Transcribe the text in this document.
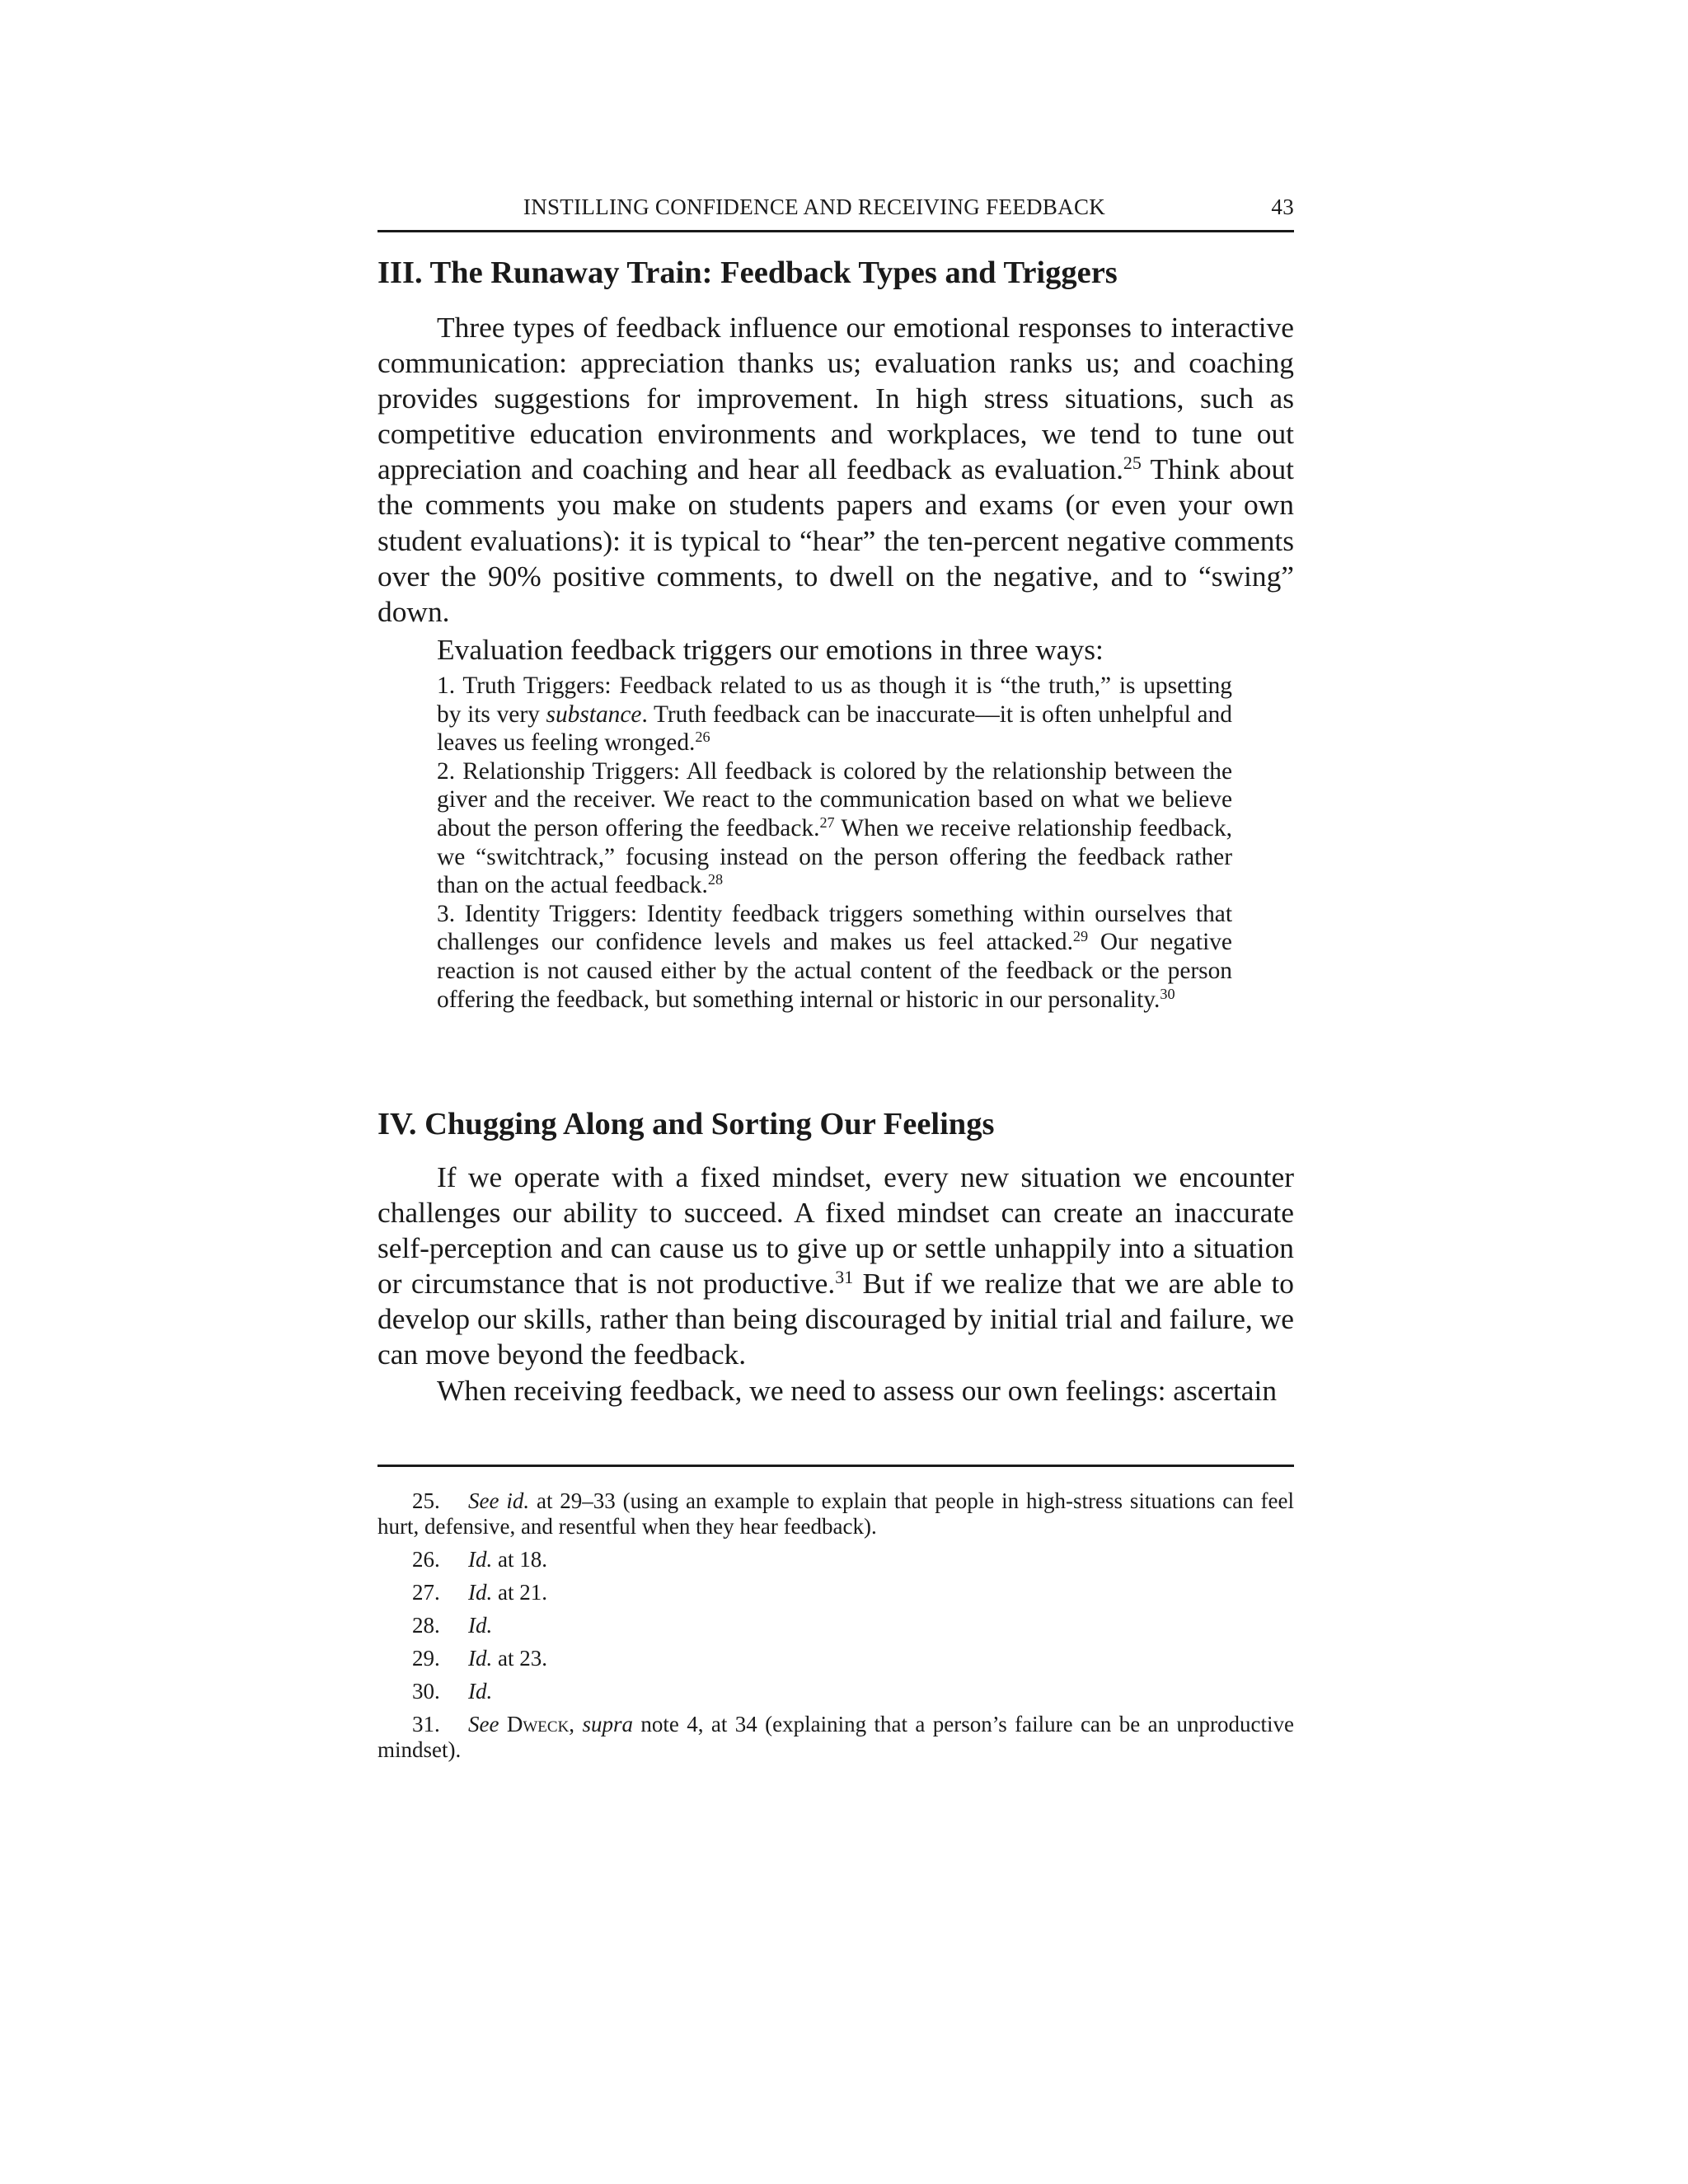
INSTILLING CONFIDENCE AND RECEIVING FEEDBACK	43
III. The Runaway Train: Feedback Types and Triggers

Three types of feedback influence our emotional responses to interactive communication: appreciation thanks us; evaluation ranks us; and coaching provides suggestions for improvement. In high stress situations, such as competitive education environments and workplaces, we tend to tune out appreciation and coaching and hear all feedback as evaluation.$^{25}$ Think about the comments you make on students papers and exams (or even your own student evaluations): it is typical to “hear” the ten-percent negative comments over the 90% positive comments, to dwell on the negative, and to “swing” down.

Evaluation feedback triggers our emotions in three ways:

1. Truth Triggers: Feedback related to us as though it is “the truth,” is upsetting by its very substance. Truth feedback can be inaccurate—it is often unhelpful and leaves us feeling wronged.$^{26}$
2. Relationship Triggers: All feedback is colored by the relationship between the giver and the receiver. We react to the communication based on what we believe about the person offering the feedback.$^{27}$ When we receive relationship feedback, we “switchtrack,” focusing instead on the person offering the feedback rather than on the actual feedback.$^{28}$
3. Identity Triggers: Identity feedback triggers something within ourselves that challenges our confidence levels and makes us feel attacked.$^{29}$ Our negative reaction is not caused either by the actual content of the feedback or the person offering the feedback, but something internal or historic in our personality.$^{30}$
IV. Chugging Along and Sorting Our Feelings

If we operate with a fixed mindset, every new situation we encounter challenges our ability to succeed. A fixed mindset can create an inaccurate self-perception and can cause us to give up or settle unhappily into a situation or circumstance that is not productive.$^{31}$ But if we realize that we are able to develop our skills, rather than being discouraged by initial trial and failure, we can move beyond the feedback.

When receiving feedback, we need to assess our own feelings: ascertain

25. See id. at 29–33 (using an example to explain that people in high-stress situations can feel hurt, defensive, and resentful when they hear feedback).
26. Id. at 18.
27. Id. at 21.
28. Id.
29. Id. at 23.
30. Id.
31. See Dweck, supra note 4, at 34 (explaining that a person’s failure can be an unproductive mindset).
